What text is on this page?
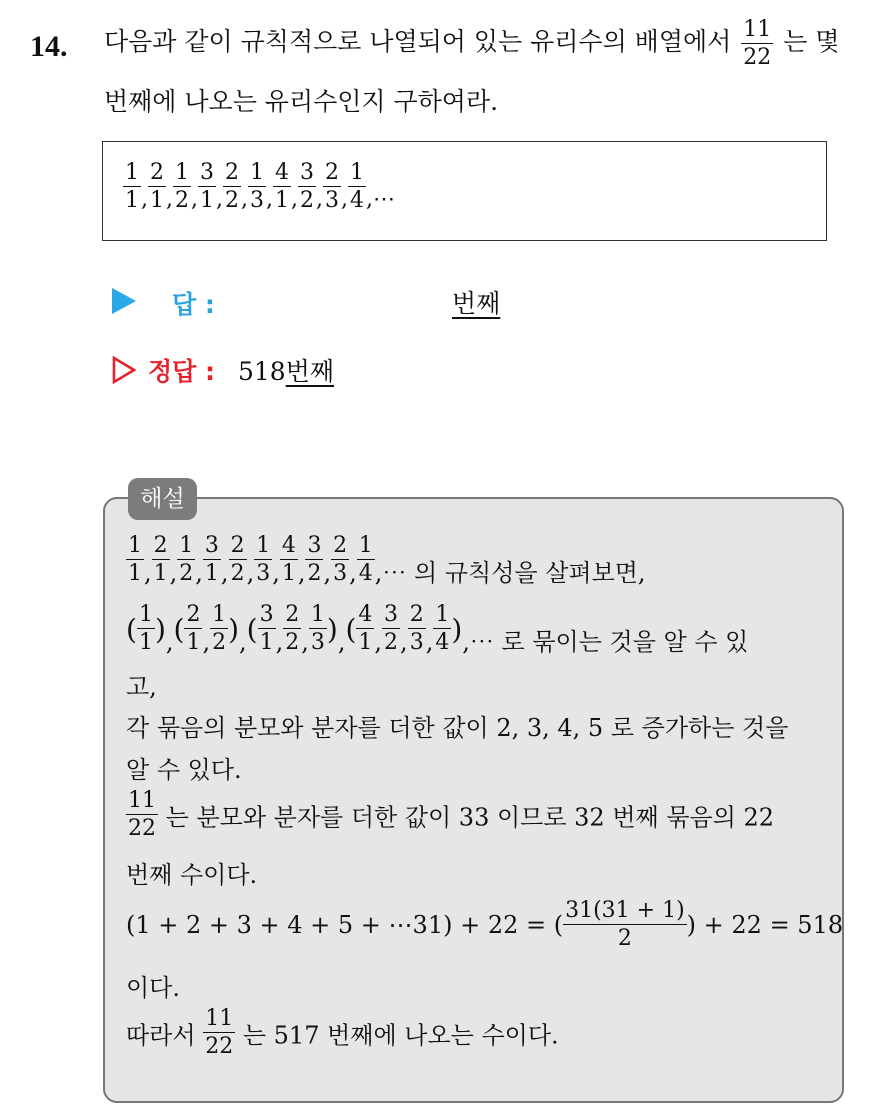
14. 다음과 같이 규칙적으로 나열되어 있는 유리수의 배열에서 $\frac{11}{22}$ 는 몇
번째에 나오는 유리수인지 구하여라.
$\frac{1}{1}$ , $\frac{2}{1}$ , $\frac{1}{2}$ , $\frac{3}{1}$ , $\frac{2}{2}$ , $\frac{1}{3}$ , $\frac{4}{1}$ , $\frac{3}{2}$ , $\frac{2}{3}$ , $\frac{1}{4}$ ,⋯
답 :	번째
정답 : 518번째
해설
$\frac{1}{1}$ , $\frac{2}{1}$ , $\frac{1}{2}$ , $\frac{3}{1}$ , $\frac{2}{2}$ , $\frac{1}{3}$ , $\frac{4}{1}$ , $\frac{3}{2}$ , $\frac{2}{3}$ , $\frac{1}{4}$ ,⋯ 의 규칙성을 살펴보면,
( $\frac{1}{1}$ ),( $\frac{2}{1}$ , $\frac{1}{2}$ ),( $\frac{3}{1}$ , $\frac{2}{2}$ , $\frac{1}{3}$ ),( $\frac{4}{1}$ , $\frac{3}{2}$ , $\frac{2}{3}$ , $\frac{1}{4}$ ),⋯ 로 묶이는 것을 알 수 있
고,
각 묶음의 분모와 분자를 더한 값이 2, 3, 4, 5 로 증가하는 것을
알 수 있다.
$\frac{11}{22}$ 는 분모와 분자를 더한 값이 33 이므로 32 번째 묶음의 22
번째 수이다.
(1 + 2 + 3 + 4 + 5 + ⋯31) + 22 = ( $\frac{31(31 + 1)}{2}$ ) + 22 = 518
이다.
따라서 $\frac{11}{22}$ 는 517 번째에 나오는 수이다.
